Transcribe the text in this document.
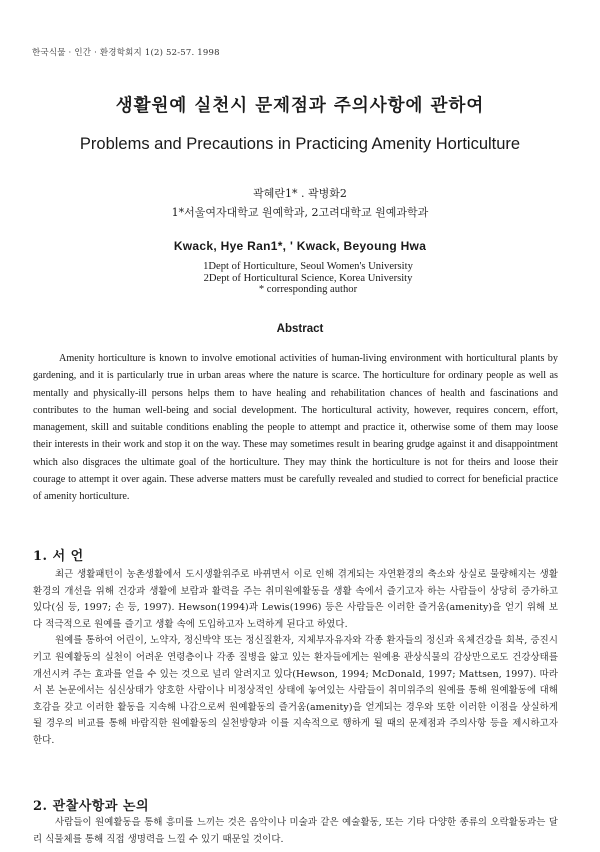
한국식물 · 인간 · 환경학회지 1(2) 52-57. 1998
생활원예 실천시 문제점과 주의사항에 관하여
Problems and Precautions in Practicing Amenity Horticulture
곽혜란1* . 곽병화2
1*서울여자대학교 원예학과, 2고려대학교 원예과학과
Kwack, Hye Ran1*, ' Kwack, Beyoung Hwa
1Dept of Horticulture, Seoul Women's University
2Dept of Horticultural Science, Korea University
* corresponding author
Abstract

Amenity horticulture is known to involve emotional activities of human-living environment with horticultural plants by gardening, and it is particularly true in urban areas where the nature is scarce. The horticulture for ordinary people as well as mentally and physically-ill persons helps them to have healing and rehabilitation chances of health and fascinations and contributes to the human well-being and social development. The horticultural activity, however, requires concern, effort, management, skill and suitable conditions enabling the people to attempt and practice it, otherwise some of them may loose their interests in their work and stop it on the way. These may sometimes result in bearing grudge against it and disappointment which also disgraces the ultimate goal of the horticulture. They may think the horticulture is not for theirs and loose their courage to attempt it over again. These adverse matters must be carefully revealed and studied to correct for beneficial practice of amenity horticulture.

1. 서 언

최근 생활패턴이 농촌생활에서 도시생활위주로 바뀌면서 이로 인해 겪게되는 자연환경의 축소와 상실로 물량해지는 생활환경의 개선을 위해 건강과 생활에 보람과 활력을 주는 취미원예활동을 생활 속에서 즐기고자 하는 사람들이 상당히 증가하고 있다(심 등, 1997; 손 등, 1997). Hewson(1994)과 Lewis(1996) 등은 사람들은 이러한 즐거움(amenity)을 얻기 위해 보다 적극적으로 원예를 즐기고 생활 속에 도입하고자 노력하게 된다고 하였다.

원예를 통하여 어린이, 노약자, 정신박약 또는 정신질환자, 지체부자유자와 각종 환자들의 정신과 육체건강을 회복, 증진시키고 원예활동의 실천이 어려운 연령층이나 각종 질병을 앓고 있는 환자들에게는 원예용 관상식물의 감상만으로도 건강상태를 개선시켜 주는 효과를 얻을 수 있는 것으로 널리 알려지고 있다(Hewson, 1994; McDonald, 1997; Mattsen, 1997). 따라서 본 논문에서는 심신상태가 양호한 사람이나 비정상적인 상태에 놓여있는 사람들이 취미위주의 원예를 통해 원예활동에 대해 호감을 갖고 이러한 활동을 지속해 나감으로써 원예활동의 즐거움(amenity)을 얻게되는 경우와 또한 이러한 이점을 상실하게 될 경우의 비교를 통해 바람직한 원예활동의 실천방향과 이를 지속적으로 행하게 될 때의 문제점과 주의사항 등을 제시하고자 한다.

2. 관찰사항과 논의

사람들이 원예활동을 통해 흥미를 느끼는 것은 음악이나 미술과 같은 예술활동, 또는 기타 다양한 종류의 오락활동과는 달리 식물체를 통해 직접 생명력을 느낄 수 있기 때문일 것이다.
